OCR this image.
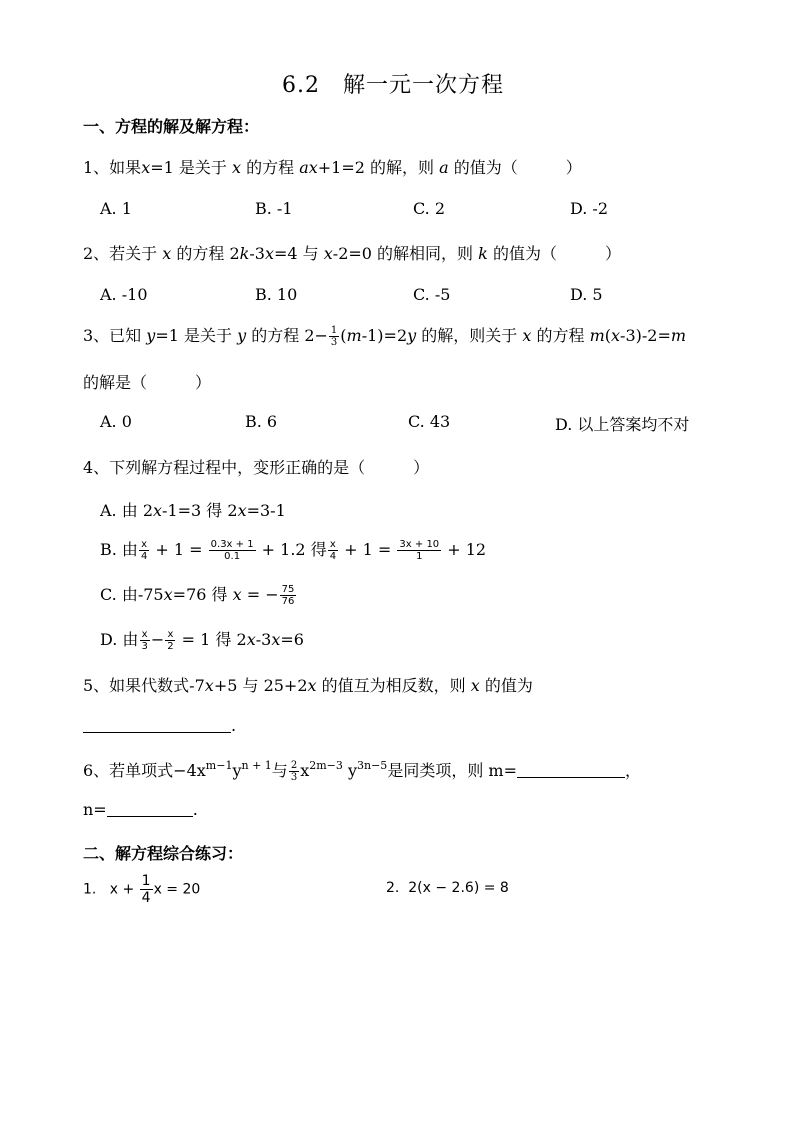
6.2　解一元一次方程
一、方程的解及解方程：
1、如果x=1 是关于 x 的方程 ax+1=2 的解，则 a 的值为（　　　）
A. 1	B. -1	C. 2	D. -2
2、若关于 x 的方程 2k-3x=4 与 x-2=0 的解相同，则 k 的值为（　　　）
A. -10	B. 10	C. -5	D. 5
3、已知 y=1 是关于 y 的方程 $2- \frac{1}{3} (m-1)=2y$ 的解，则关于 x 的方程 m(x-3)-2=m
的解是（　　　）
A. 0	B. 6	C. 43	D. 以上答案均不对
4、下列解方程过程中，变形正确的是（　　　）
A. 由 2x-1=3 得 2x=3-1
B. 由 $\frac{x}{4} + 1 = \frac{0.3x + 1}{0.1} + 1.2$ 得 $\frac{x}{4} + 1 = \frac{3x + 10}{1} + 12$
C. 由-75x=76 得 x = − $\frac{75}{76}$
D. 由 $\frac{x}{3} - \frac{x}{2} = 1$ 得 2x-3x=6
5、如果代数式-7x+5 与 25+2x 的值互为相反数，则 x 的值为
.
6、若单项式$-4x^{m-1}y^{n + 1}$与 $\frac{2}{3} x^{2m-3}$ $y^{3n-5}$是同类项，则 m=	，
n=	.
二、解方程综合练习：
1. $x + \frac{1}{4}$ x = 20	2. 2(x − 2.6) = 8
